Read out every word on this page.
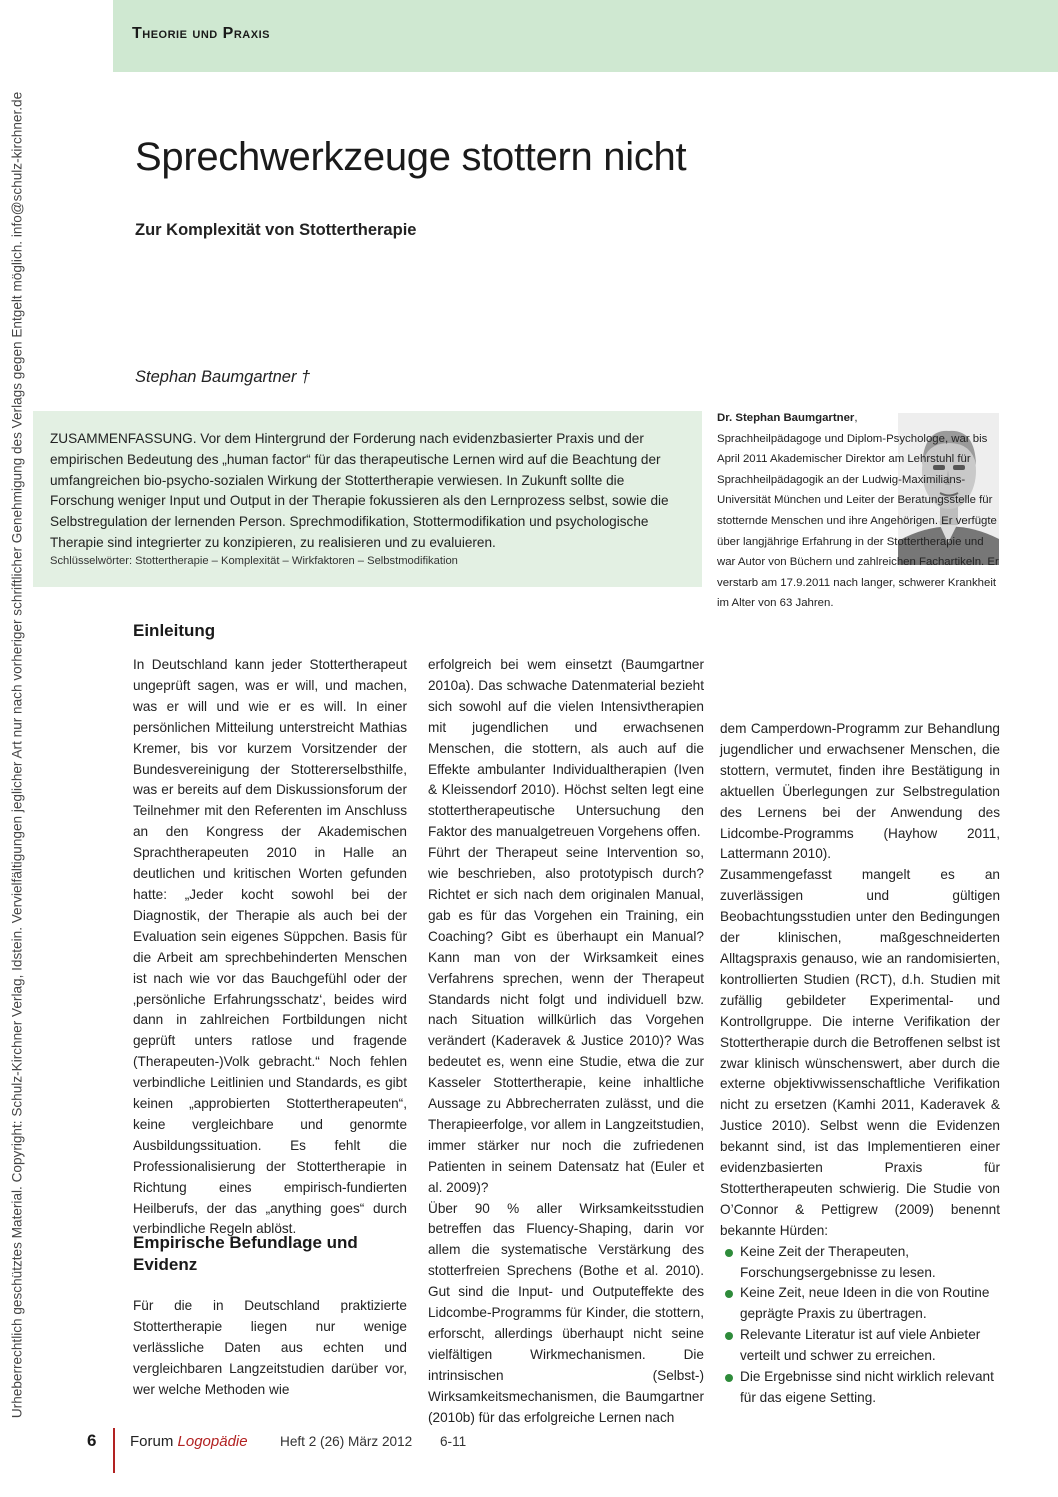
Theorie und Praxis
Urheberrechtlich geschütztes Material. Copyright: Schulz-Kirchner Verlag, Idstein. Vervielfältigungen jeglicher Art nur nach vorheriger schriftlicher Genehmigung des Verlags gegen Entgelt möglich. info@schulz-kirchner.de	Sprechwerkzeuge stottern nicht
Zur Komplexität von Stottertherapie
Stephan Baumgartner †
ZUSAMMENFASSUNG. Vor dem Hintergrund der Forderung nach evidenzbasierter Praxis und der empirischen Bedeutung des „human factor“ für das therapeutische Lernen wird auf die Beachtung der umfangreichen bio-psycho-sozialen Wirkung der Stottertherapie verwiesen. In Zukunft sollte die Forschung weniger Input und Output in der Therapie fokussieren als den Lernprozess selbst, sowie die Selbstregulation der lernenden Person. Sprechmodifikation, Stottermodifikation und psychologische Therapie sind integrierter zu konzipieren, zu realisieren und zu evaluieren.
Schlüsselwörter: Stottertherapie – Komplexität – Wirkfaktoren – Selbstmodifikation

Dr. Stephan Baumgartner,
Sprachheilpädagoge und Diplom-Psychologe, war bis April 2011 Akademischer Direktor am Lehrstuhl für Sprachheilpädagogik an der Ludwig-Maximilians-Universität München und Leiter der Beratungsstelle für stotternde Menschen und ihre Angehörigen. Er verfügte über langjährige Erfahrung in der Stottertherapie und war Autor von Büchern und zahlreichen Fachartikeln. Er verstarb am 17.9.2011 nach langer, schwerer Krankheit im Alter von 63 Jahren.

Einleitung

In Deutschland kann jeder Stottertherapeut ungeprüft sagen, was er will, und machen, was er will und wie er es will. In einer persönlichen Mitteilung unterstreicht Mathias Kremer, bis vor kurzem Vorsitzender der Bundesvereinigung der Stottererselbsthilfe, was er bereits auf dem Diskussionsforum der Teilnehmer mit den Referenten im Anschluss an den Kongress der Akademischen Sprachtherapeuten 2010 in Halle an deutlichen und kritischen Worten gefunden hatte: „Jeder kocht sowohl bei der Diagnostik, der Therapie als auch bei der Evaluation sein eigenes Süppchen. Basis für die Arbeit am sprechbehinderten Menschen ist nach wie vor das Bauchgefühl oder der ‚persönliche Erfahrungsschatz‘, beides wird dann in zahlreichen Fortbildungen nicht geprüft unters ratlose und fragende (Therapeuten-)Volk gebracht.“ Noch fehlen verbindliche Leitlinien und Standards, es gibt keinen „approbierten Stottertherapeuten“, keine vergleichbare und genormte Ausbildungssituation. Es fehlt die Professionalisierung der Stottertherapie in Richtung eines empirisch-fundierten Heilberufs, der das „anything goes“ durch verbindliche Regeln ablöst.

Empirische Befundlage und Evidenz

Für die in Deutschland praktizierte Stottertherapie liegen nur wenige verlässliche Daten aus echten und vergleichbaren Langzeitstudien darüber vor, wer welche Methoden wie

erfolgreich bei wem einsetzt (Baumgartner 2010a). Das schwache Datenmaterial bezieht sich sowohl auf die vielen Intensivtherapien mit jugendlichen und erwachsenen Menschen, die stottern, als auch auf die Effekte ambulanter Individualtherapien (Iven & Kleissendorf 2010). Höchst selten legt eine stottertherapeutische Untersuchung den Faktor des manualgetreuen Vorgehens offen.

Führt der Therapeut seine Intervention so, wie beschrieben, also prototypisch durch? Richtet er sich nach dem originalen Manual, gab es für das Vorgehen ein Training, ein Coaching? Gibt es überhaupt ein Manual? Kann man von der Wirksamkeit eines Verfahrens sprechen, wenn der Therapeut Standards nicht folgt und individuell bzw. nach Situation willkürlich das Vorgehen verändert (Kaderavek & Justice 2010)? Was bedeutet es, wenn eine Studie, etwa die zur Kasseler Stottertherapie, keine inhaltliche Aussage zu Abbrecherraten zulässt, und die Therapieerfolge, vor allem in Langzeitstudien, immer stärker nur noch die zufriedenen Patienten in seinem Datensatz hat (Euler et al. 2009)?

Über 90 % aller Wirksamkeitsstudien betreffen das Fluency-Shaping, darin vor allem die systematische Verstärkung des stotterfreien Sprechens (Bothe et al. 2010). Gut sind die Input- und Outputeffekte des Lidcombe-Programms für Kinder, die stottern, erforscht, allerdings überhaupt nicht seine vielfältigen Wirkmechanismen. Die intrinsischen (Selbst-) Wirksamkeitsmechanismen, die Baumgartner (2010b) für das erfolgreiche Lernen nach

dem Camperdown-Programm zur Behandlung jugendlicher und erwachsener Menschen, die stottern, vermutet, finden ihre Bestätigung in aktuellen Überlegungen zur Selbstregulation des Lernens bei der Anwendung des Lidcombe-Programms (Hayhow 2011, Lattermann 2010).

Zusammengefasst mangelt es an zuverlässigen und gültigen Beobachtungsstudien unter den Bedingungen der klinischen, maßgeschneiderten Alltagspraxis genauso, wie an randomisierten, kontrollierten Studien (RCT), d.h. Studien mit zufällig gebildeter Experimental- und Kontrollgruppe. Die interne Verifikation der Stottertherapie durch die Betroffenen selbst ist zwar klinisch wünschenswert, aber durch die externe objektivwissenschaftliche Verifikation nicht zu ersetzen (Kamhi 2011, Kaderavek & Justice 2010). Selbst wenn die Evidenzen bekannt sind, ist das Implementieren einer evidenzbasierten Praxis für Stottertherapeuten schwierig. Die Studie von O’Connor & Pettigrew (2009) benennt bekannte Hürden:

Keine Zeit der Therapeuten, Forschungsergebnisse zu lesen.
Keine Zeit, neue Ideen in die von Routine geprägte Praxis zu übertragen.
Relevante Literatur ist auf viele Anbieter verteilt und schwer zu erreichen.
Die Ergebnisse sind nicht wirklich relevant für das eigene Setting.
6 Forum Logopädie Heft 2 (26) März 2012 6-11
